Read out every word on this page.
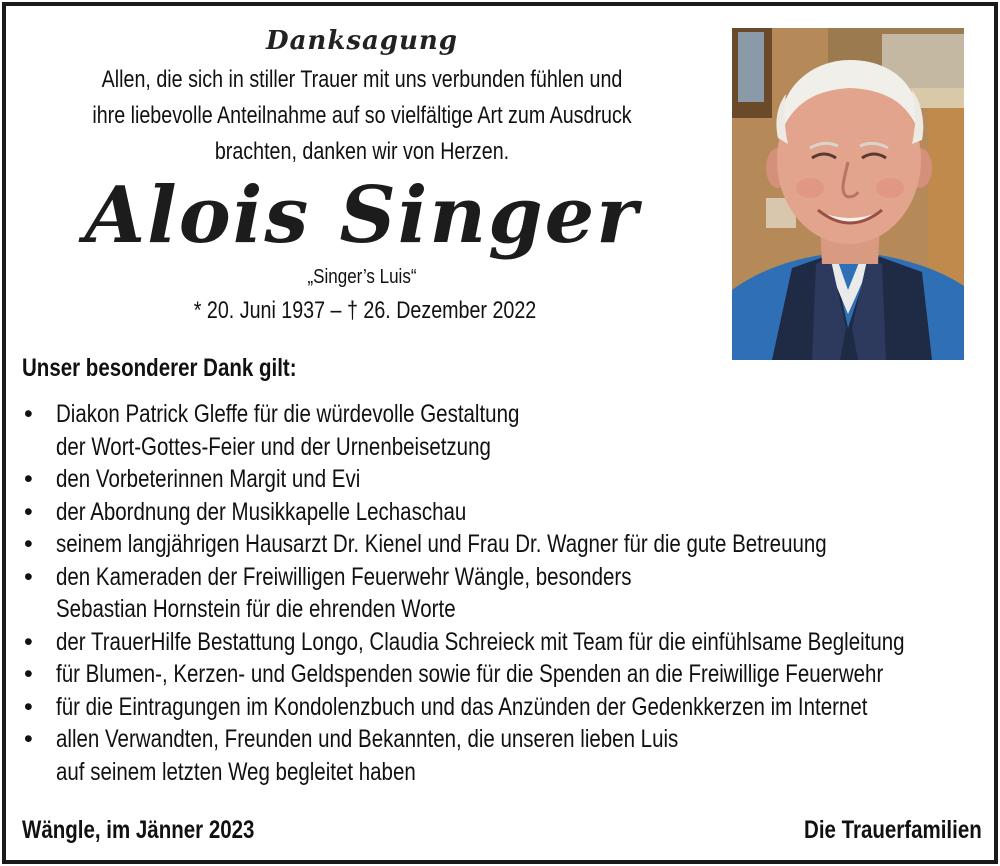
Danksagung
Allen, die sich in stiller Trauer mit uns verbunden fühlen und
ihre liebevolle Anteilnahme auf so vielfältige Art zum Ausdruck
brachten, danken wir von Herzen.
Alois Singer
„Singer’s Luis“
* 20. Juni 1937 – † 26. Dezember 2022
Unser besonderer Dank gilt:
• Diakon Patrick Gleffe für die würdevolle Gestaltung
der Wort-Gottes-Feier und der Urnenbeisetzung
• den Vorbeterinnen Margit und Evi
• der Abordnung der Musikkapelle Lechaschau
• seinem langjährigen Hausarzt Dr. Kienel und Frau Dr. Wagner für die gute Betreuung
• den Kameraden der Freiwilligen Feuerwehr Wängle, besonders
Sebastian Hornstein für die ehrenden Worte
• der TrauerHilfe Bestattung Longo, Claudia Schreieck mit Team für die einfühlsame Begleitung
• für Blumen-, Kerzen- und Geldspenden sowie für die Spenden an die Freiwillige Feuerwehr
• für die Eintragungen im Kondolenzbuch und das Anzünden der Gedenkkerzen im Internet
• allen Verwandten, Freunden und Bekannten, die unseren lieben Luis
auf seinem letzten Weg begleitet haben
Wängle, im Jänner 2023	Die Trauerfamilien
